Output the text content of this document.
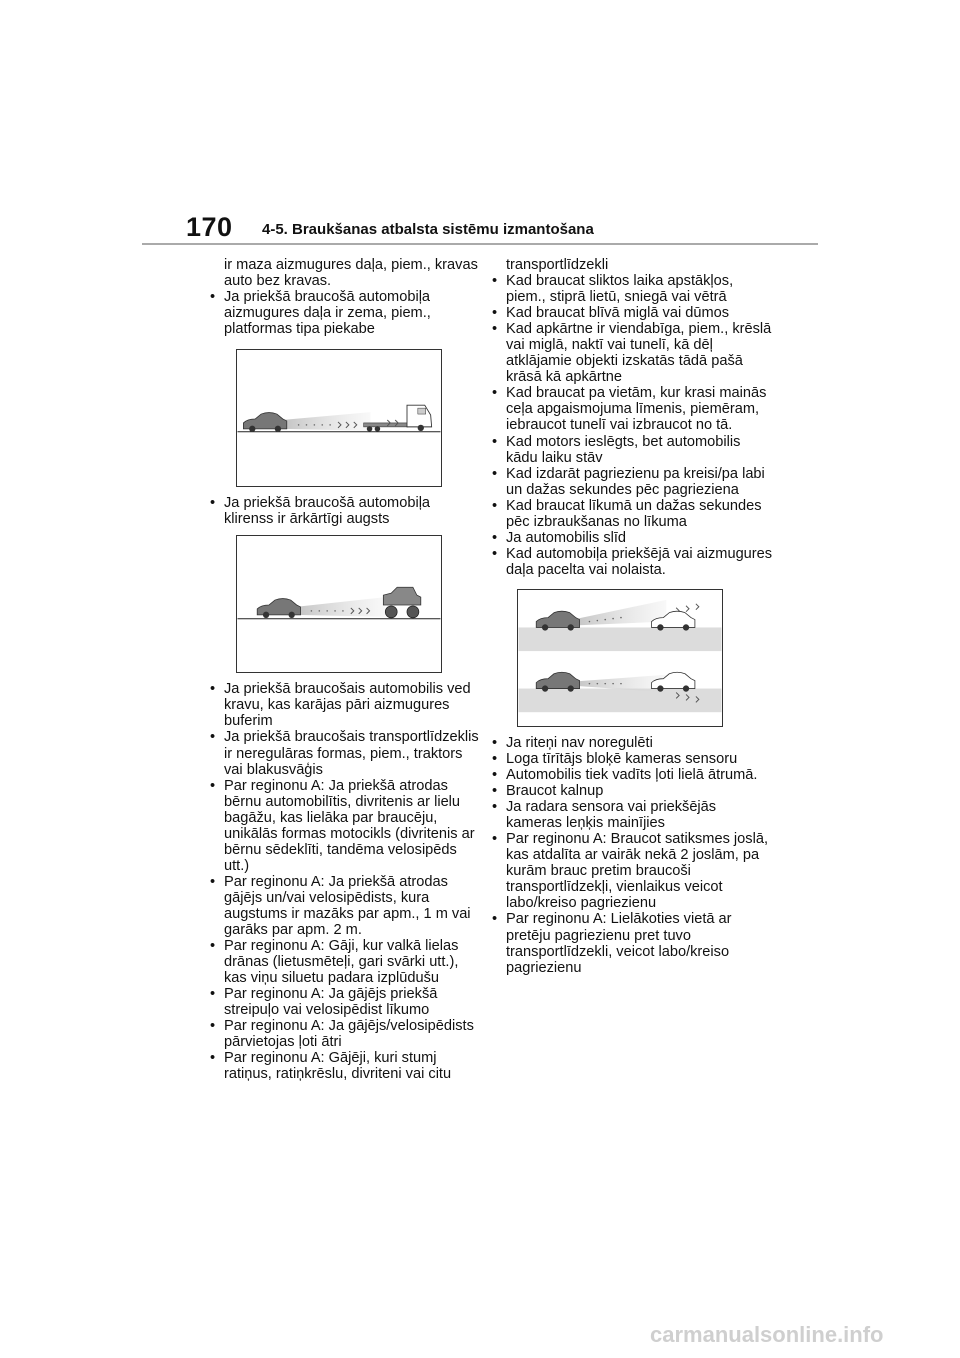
170 4-5. Braukšanas atbalsta sistēmu izmantošana

ir maza aizmugures daļa, piem., kravas auto bez kravas.

• Ja priekšā braucošā automobiļa aizmugures daļa ir zema, piem., platformas tipa piekabe
• Ja priekšā braucošā automobiļa klirenss ir ārkārtīgi augsts
• Ja priekšā braucošais automobilis ved kravu, kas karājas pāri aizmugures buferim
• Ja priekšā braucošais transportlīdzeklis ir neregulāras formas, piem., traktors vai blakusvāģis
• Par reginonu A: Ja priekšā atrodas bērnu automobilītis, divritenis ar lielu bagāžu, kas lielāka par braucēju, unikālās formas motocikls (divritenis ar bērnu sēdeklīti, tandēma velosipēds utt.)
• Par reginonu A: Ja priekšā atrodas gājējs un/vai velosipēdists, kura augstums ir mazāks par apm., 1 m vai garāks par apm. 2 m.
• Par reginonu A: Gāji, kur valkā lielas drānas (lietusmēteļi, gari svārki utt.), kas viņu siluetu padara izplūdušu
• Par reginonu A: Ja gājējs priekšā streipuļo vai velosipēdist līkumo
• Par reginonu A: Ja gājējs/velosipēdists pārvietojas ļoti ātri
• Par reginonu A: Gājēji, kuri stumj ratiņus, ratiņkrēslu, divriteni vai citu

transportlīdzekli

• Kad braucat sliktos laika apstākļos, piem., stiprā lietū, sniegā vai vētrā
• Kad braucat blīvā miglā vai dūmos
• Kad apkārtne ir viendabīga, piem., krēslā vai miglā, naktī vai tunelī, kā dēļ atklājamie objekti izskatās tādā pašā krāsā kā apkārtne
• Kad braucat pa vietām, kur krasi mainās ceļa apgaismojuma līmenis, piemēram, iebraucot tunelī vai izbraucot no tā.
• Kad motors ieslēgts, bet automobilis kādu laiku stāv
• Kad izdarāt pagriezienu pa kreisi/pa labi un dažas sekundes pēc pagrieziena
• Kad braucat līkumā un dažas sekundes pēc izbraukšanas no līkuma
• Ja automobilis slīd
• Kad automobiļa priekšējā vai aizmugures daļa pacelta vai nolaista.
• Ja riteņi nav noregulēti
• Loga tīrītājs bloķē kameras sensoru
• Automobilis tiek vadīts ļoti lielā ātrumā.
• Braucot kalnup
• Ja radara sensora vai priekšējās kameras leņķis mainījies
• Par reginonu A: Braucot satiksmes joslā, kas atdalīta ar vairāk nekā 2 joslām, pa kurām brauc pretim braucoši transportlīdzekļi, vienlaikus veicot labo/kreiso pagriezienu
• Par reginonu A: Lielākoties vietā ar pretēju pagriezienu pret tuvo transportlīdzekli, veicot labo/kreiso pagriezienu
carmanualsonline.info
